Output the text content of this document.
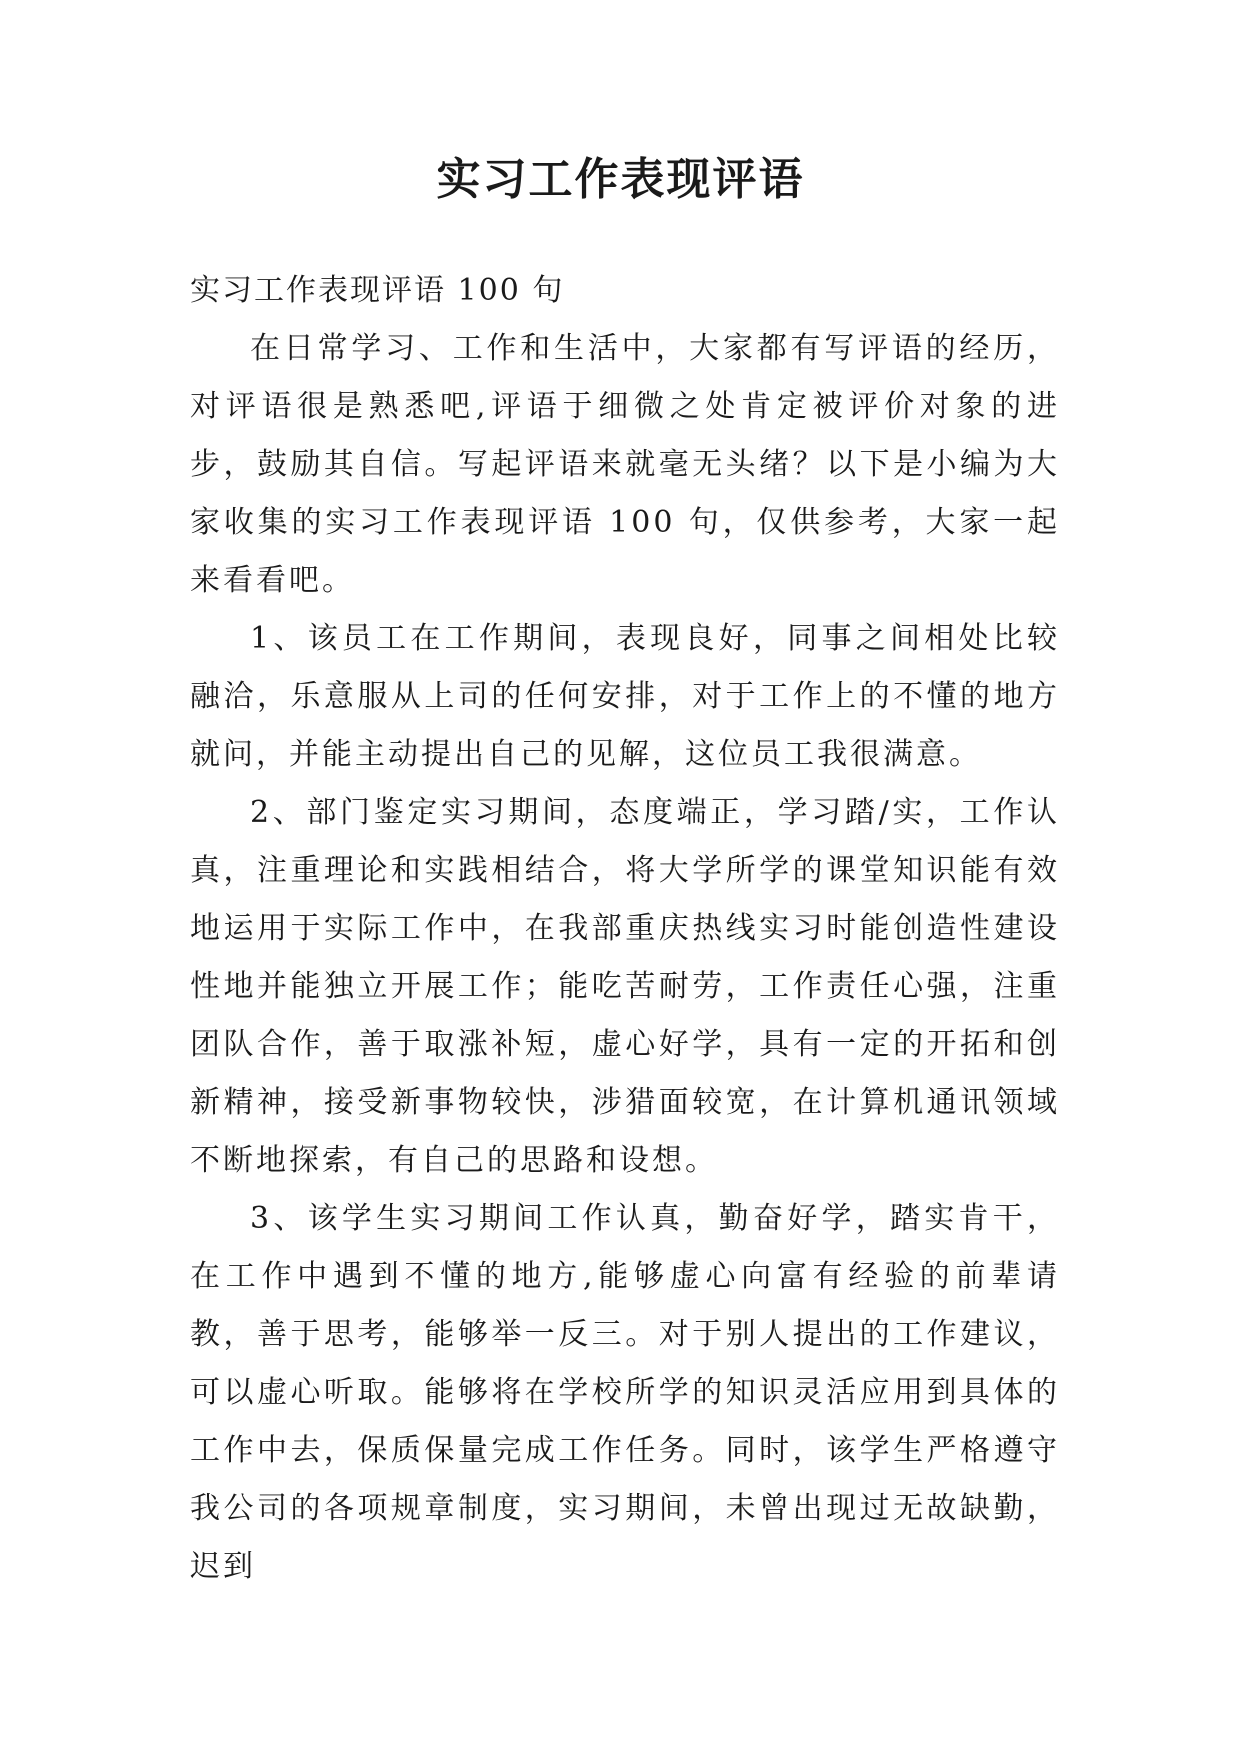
实习工作表现评语

实习工作表现评语 100 句

在日常学习、工作和生活中，大家都有写评语的经历，对评语很是熟悉吧,评语于细微之处肯定被评价对象的进步，鼓励其自信。写起评语来就毫无头绪？以下是小编为大家收集的实习工作表现评语 100 句，仅供参考，大家一起来看看吧。

1、该员工在工作期间，表现良好，同事之间相处比较融洽，乐意服从上司的任何安排，对于工作上的不懂的地方就问，并能主动提出自己的见解，这位员工我很满意。

2、部门鉴定实习期间，态度端正，学习踏/实，工作认真，注重理论和实践相结合，将大学所学的课堂知识能有效地运用于实际工作中，在我部重庆热线实习时能创造性建设性地并能独立开展工作；能吃苦耐劳，工作责任心强，注重团队合作，善于取涨补短，虚心好学，具有一定的开拓和创新精神，接受新事物较快，涉猎面较宽，在计算机通讯领域不断地探索，有自己的思路和设想。

3、该学生实习期间工作认真，勤奋好学，踏实肯干，在工作中遇到不懂的地方,能够虚心向富有经验的前辈请教，善于思考，能够举一反三。对于别人提出的工作建议，可以虚心听取。能够将在学校所学的知识灵活应用到具体的工作中去，保质保量完成工作任务。同时，该学生严格遵守我公司的各项规章制度，实习期间，未曾出现过无故缺勤，迟到
